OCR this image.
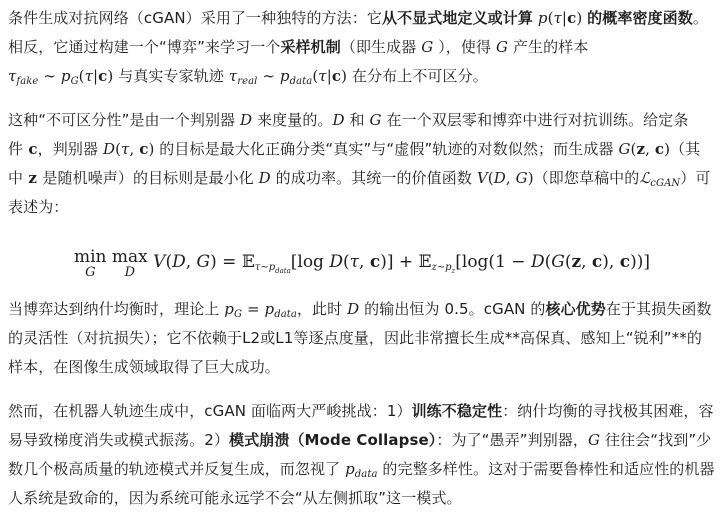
条件生成对抗网络（cGAN）采用了一种独特的方法：它从不显式地定义或计算 p(τ|c) 的概率密度函数。相反，它通过构建一个“博弈”来学习一个采样机制（即生成器 G ），使得 G 产生的样本
$\tau_{fake}$ ∼ $p_G(\tau|c)$ 与真实专家轨迹 $\tau_{real}$ ∼ $p_{data}(\tau|c)$ 在分布上不可区分。
这种“不可区分性”是由一个判别器 D 来度量的。D 和 G 在一个双层零和博弈中进行对抗训练。给定条件 c，判别器 D(τ, c) 的目标是最大化正确分类“真实”与“虚假”轨迹的对数似然；而生成器 G(z, c)（其中 z 是随机噪声）的目标则是最小化 D 的成功率。其统一的价值函数 V(D, G)（即您草稿中的ℒ$_{cGAN}$）可表述为：
min
G
max
D
V(D, G) = 𝔼$_{\tau\sim p_{data}}$[log D(τ, c)] + 𝔼$_{z\sim p_z}$[log(1 − D(G(z, c), c))]
当博弈达到纳什均衡时，理论上 $p_G = p_{data}$，此时 D 的输出恒为 0.5。cGAN 的核心优势在于其损失函数的灵活性（对抗损失）；它不依赖于L2或L1等逐点度量，因此非常擅长生成**高保真、感知上“锐利”**的样本，在图像生成领域取得了巨大成功。
然而，在机器人轨迹生成中，cGAN 面临两大严峻挑战：1）训练不稳定性：纳什均衡的寻找极其困难，容易导致梯度消失或模式振荡。2）模式崩溃（Mode Collapse）：为了“愚弄”判别器，G 往往会“找到”少数几个极高质量的轨迹模式并反复生成，而忽视了 $p_{data}$ 的完整多样性。这对于需要鲁棒性和适应性的机器人系统是致命的，因为系统可能永远学不会“从左侧抓取”这一模式。
